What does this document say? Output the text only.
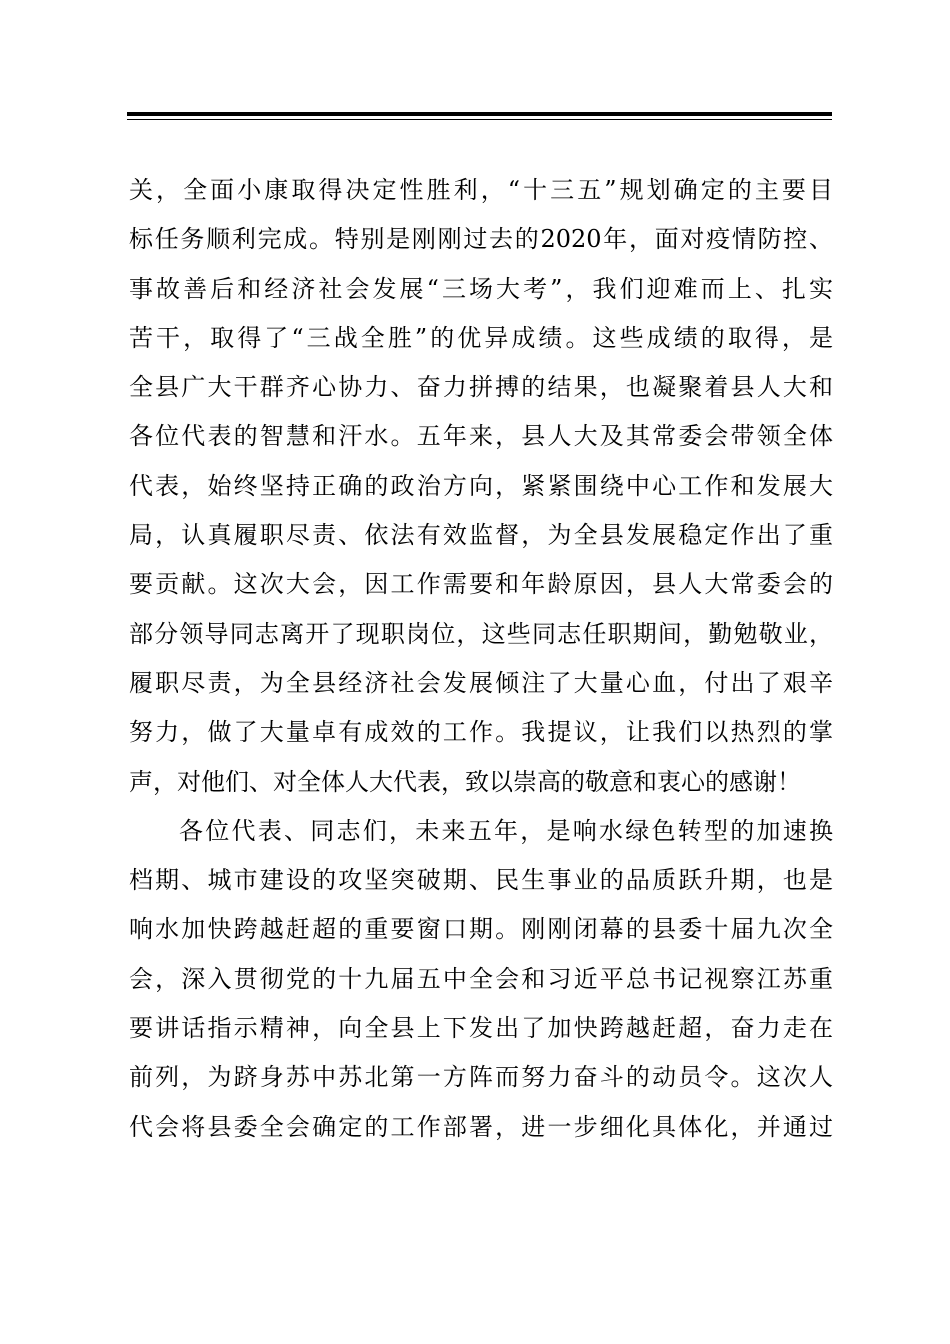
关，全面小康取得决定性胜利，“十三五”规划确定的主要目
标任务顺利完成。特别是刚刚过去的2020年，面对疫情防控、
事故善后和经济社会发展“三场大考”，我们迎难而上、扎实
苦干，取得了“三战全胜”的优异成绩。这些成绩的取得，是
全县广大干群齐心协力、奋力拼搏的结果，也凝聚着县人大和
各位代表的智慧和汗水。五年来，县人大及其常委会带领全体
代表，始终坚持正确的政治方向，紧紧围绕中心工作和发展大
局，认真履职尽责、依法有效监督，为全县发展稳定作出了重
要贡献。这次大会，因工作需要和年龄原因，县人大常委会的
部分领导同志离开了现职岗位，这些同志任职期间，勤勉敬业，
履职尽责，为全县经济社会发展倾注了大量心血，付出了艰辛
努力，做了大量卓有成效的工作。我提议，让我们以热烈的掌
声，对他们、对全体人大代表，致以崇高的敬意和衷心的感谢！
各位代表、同志们，未来五年，是响水绿色转型的加速换
档期、城市建设的攻坚突破期、民生事业的品质跃升期，也是
响水加快跨越赶超的重要窗口期。刚刚闭幕的县委十届九次全
会，深入贯彻党的十九届五中全会和习近平总书记视察江苏重
要讲话指示精神，向全县上下发出了加快跨越赶超，奋力走在
前列，为跻身苏中苏北第一方阵而努力奋斗的动员令。这次人
代会将县委全会确定的工作部署，进一步细化具体化，并通过
